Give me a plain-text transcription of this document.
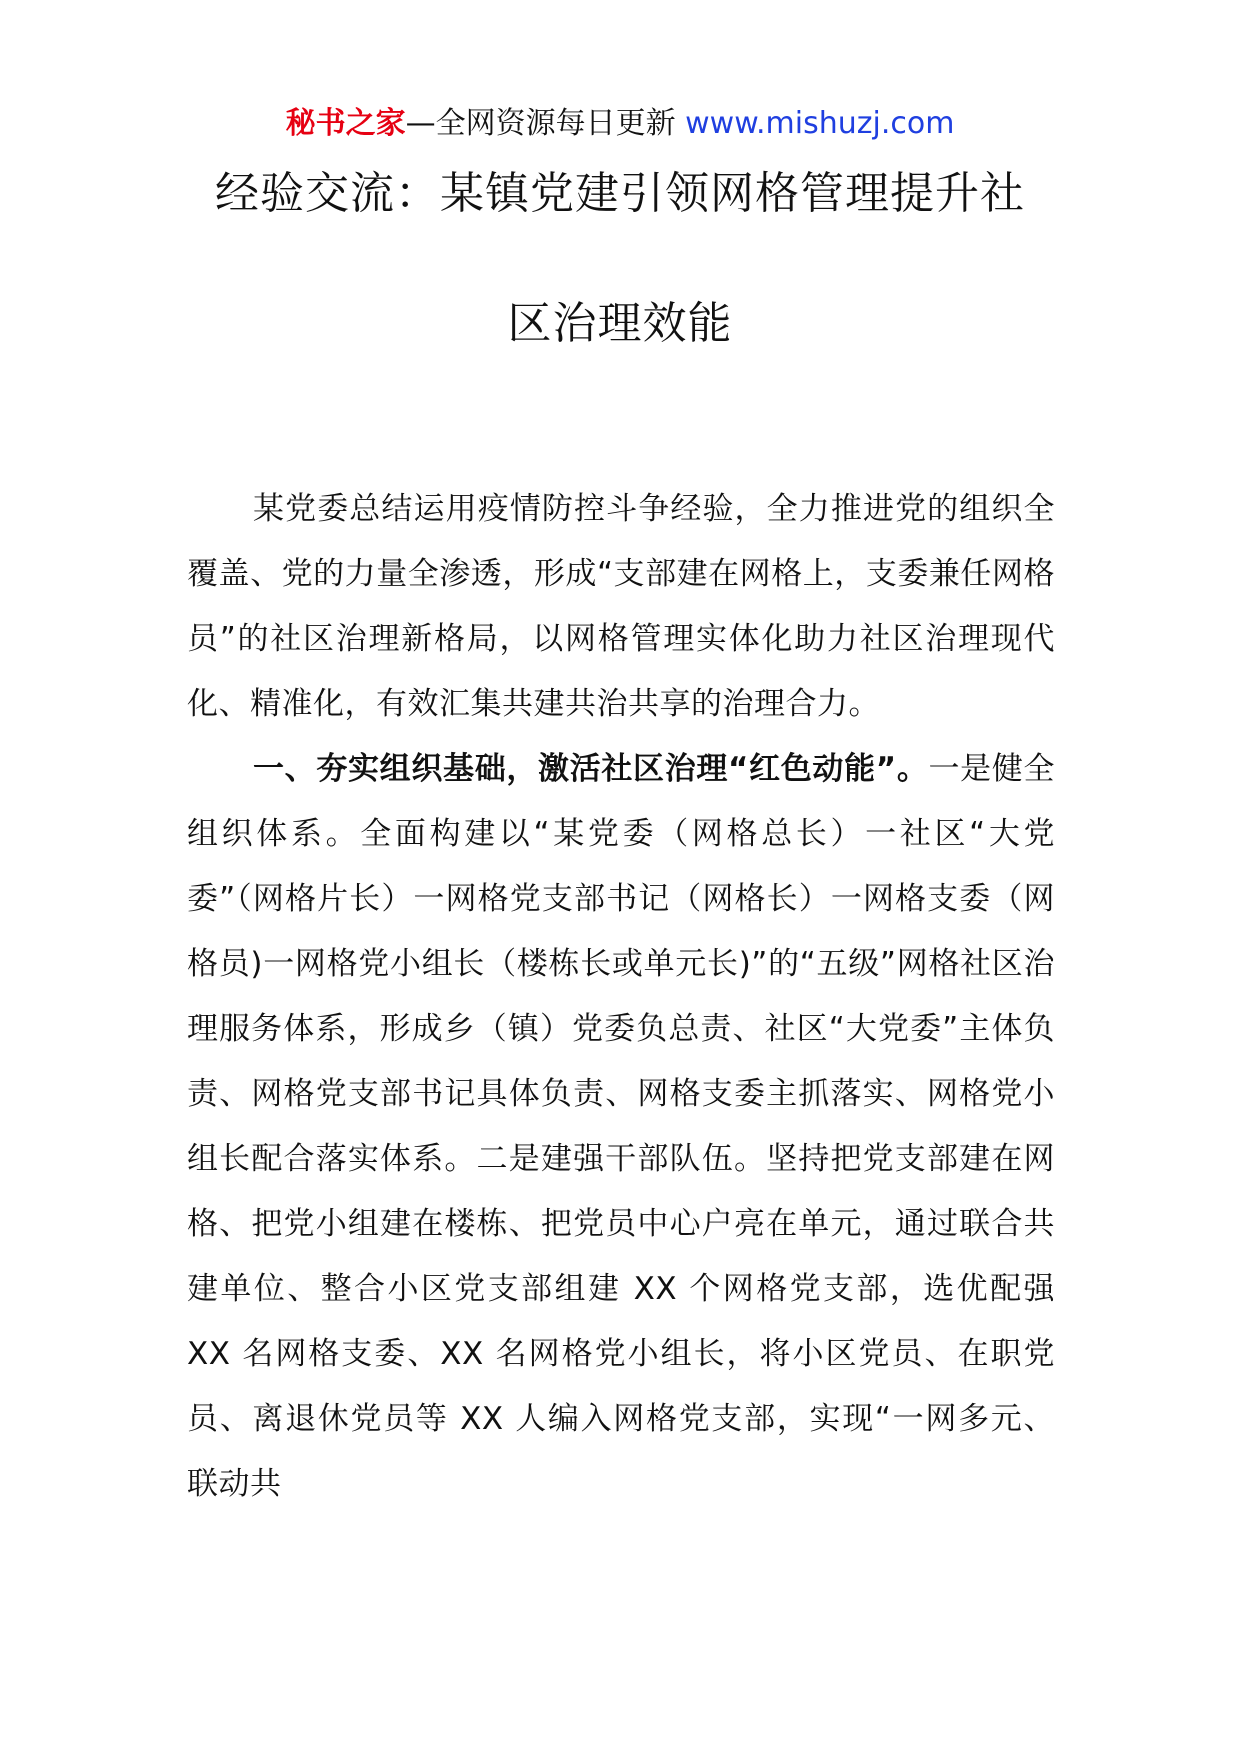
秘书之家—全网资源每日更新 www.mishuzj.com
经验交流：某镇党建引领网格管理提升社
区治理效能

某党委总结运用疫情防控斗争经验，全力推进党的组织全覆盖、党的力量全渗透，形成“支部建在网格上，支委兼任网格员”的社区治理新格局，以网格管理实体化助力社区治理现代化、精准化，有效汇集共建共治共享的治理合力。

一、夯实组织基础，激活社区治理“红色动能”。一是健全组织体系。全面构建以“某党委（网格总长）一社区“大党委”（网格片长）一网格党支部书记（网格长）一网格支委（网格员)一网格党小组长（楼栋长或单元长)”的“五级”网格社区治理服务体系，形成乡（镇）党委负总责、社区“大党委”主体负责、网格党支部书记具体负责、网格支委主抓落实、网格党小组长配合落实体系。二是建强干部队伍。坚持把党支部建在网格、把党小组建在楼栋、把党员中心户亮在单元，通过联合共建单位、整合小区党支部组建 XX 个网格党支部，选优配强 XX 名网格支委、XX 名网格党小组长，将小区党员、在职党员、离退休党员等 XX 人编入网格党支部，实现“一网多元、联动共
